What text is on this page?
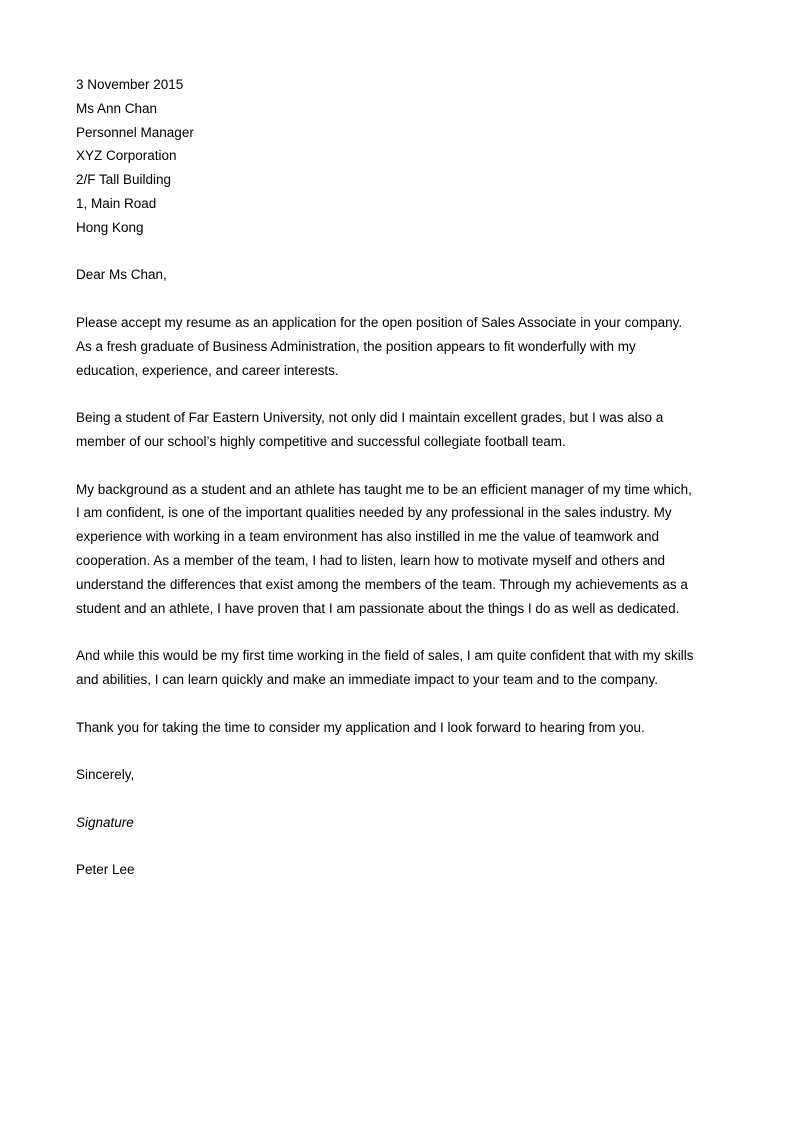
3 November 2015
Ms Ann Chan
Personnel Manager
XYZ Corporation
2/F Tall Building
1, Main Road
Hong Kong
Dear Ms Chan,
Please accept my resume as an application for the open position of Sales Associate in your company.
As a fresh graduate of Business Administration, the position appears to fit wonderfully with my
education, experience, and career interests.
Being a student of Far Eastern University, not only did I maintain excellent grades, but I was also a
member of our school’s highly competitive and successful collegiate football team.
My background as a student and an athlete has taught me to be an efficient manager of my time which,
I am confident, is one of the important qualities needed by any professional in the sales industry. My
experience with working in a team environment has also instilled in me the value of teamwork and
cooperation. As a member of the team, I had to listen, learn how to motivate myself and others and
understand the differences that exist among the members of the team. Through my achievements as a
student and an athlete, I have proven that I am passionate about the things I do as well as dedicated.
And while this would be my first time working in the field of sales, I am quite confident that with my skills
and abilities, I can learn quickly and make an immediate impact to your team and to the company.
Thank you for taking the time to consider my application and I look forward to hearing from you.
Sincerely,
Signature
Peter Lee
